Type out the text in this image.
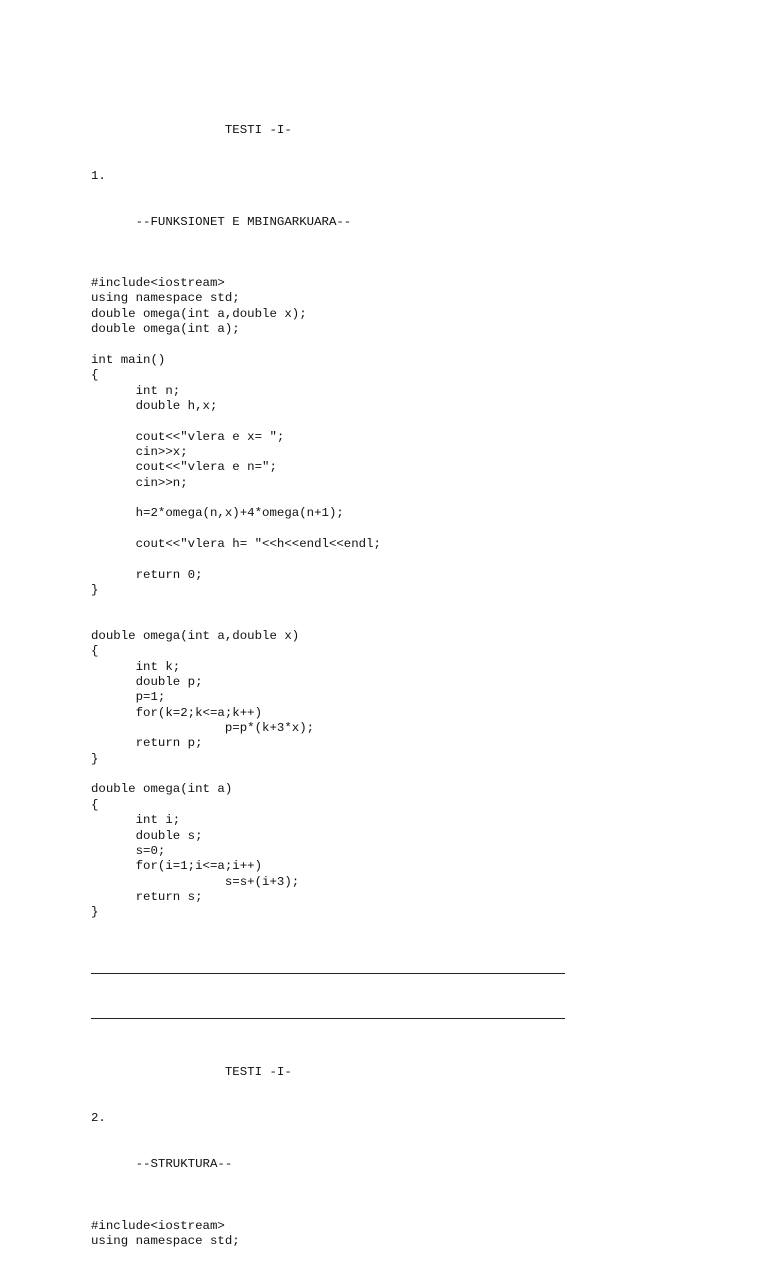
TESTI -I-

1.

--FUNKSIONET E MBINGARKUARA--

#include<iostream>
using namespace std;
double omega(int a,double x);
double omega(int a);
int main()
{
int n;
double h,x;
cout<<"vlera e x= ";
cin>>x;
cout<<"vlera e n=";
cin>>n;
h=2*omega(n,x)+4*omega(n+1);
cout<<"vlera h= "<<h<<endl<<endl;
return 0;
}
double omega(int a,double x)
{
int k;
double p;
p=1;
for(k=2;k<=a;k++)
p=p*(k+3*x);
return p;
}
double omega(int a)
{
int i;
double s;
s=0;
for(i=1;i<=a;i++)
s=s+(i+3);
return s;
}

TESTI -I-

2.

--STRUKTURA--

#include<iostream>
using namespace std;
